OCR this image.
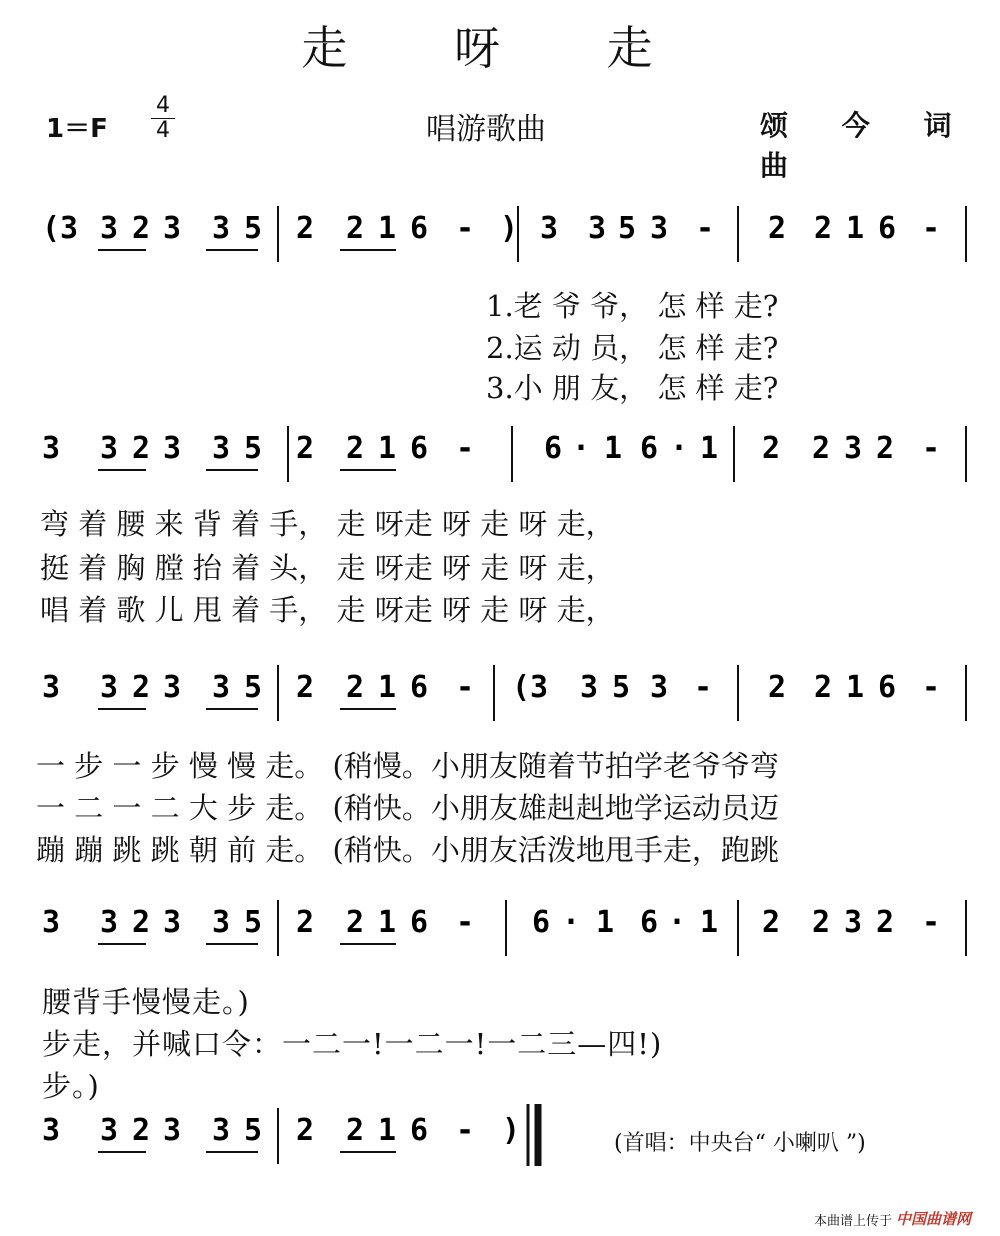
走 呀 走
1＝F
4
4	唱游歌曲	颂 今 词曲
(3 3 2 3 3 5 2 2 1 6 - ) 3 3 5 3 - 2 2 1 6 -
3 3 2 3 3 5 2 2 1 6 - 6 · 1 6 · 1 2 2 3 2 -
3 3 2 3 3 5 2 2 1 6 - (3 3 5 3 - 2 2 1 6 -
3 3 2 3 3 5 2 2 1 6 - 6 · 1 6 · 1 2 2 3 2 -
3 3 2 3 3 5 2 2 1 6 - )
1.老 爷 爷， 怎 样 走?
2.运 动 员， 怎 样 走?
3.小 朋 友， 怎 样 走?
弯 着 腰 来 背 着 手， 走 呀走 呀 走 呀 走，
挺 着 胸 膛 抬 着 头， 走 呀走 呀 走 呀 走，
唱 着 歌 儿 甩 着 手， 走 呀走 呀 走 呀 走，
一 步 一 步 慢 慢 走。 (稍慢。小朋友随着节拍学老爷爷弯
一 二 一 二 大 步 走。 (稍快。小朋友雄赳赳地学运动员迈
蹦 蹦 跳 跳 朝 前 走。 (稍快。小朋友活泼地甩手走，跑跳
腰背手慢慢走。)
步走，并喊口令：一二一!一二一!一二三—四!)
步。)
(首唱：中央台“ 小喇叭 ”)
本曲谱上传于 中国曲谱网
